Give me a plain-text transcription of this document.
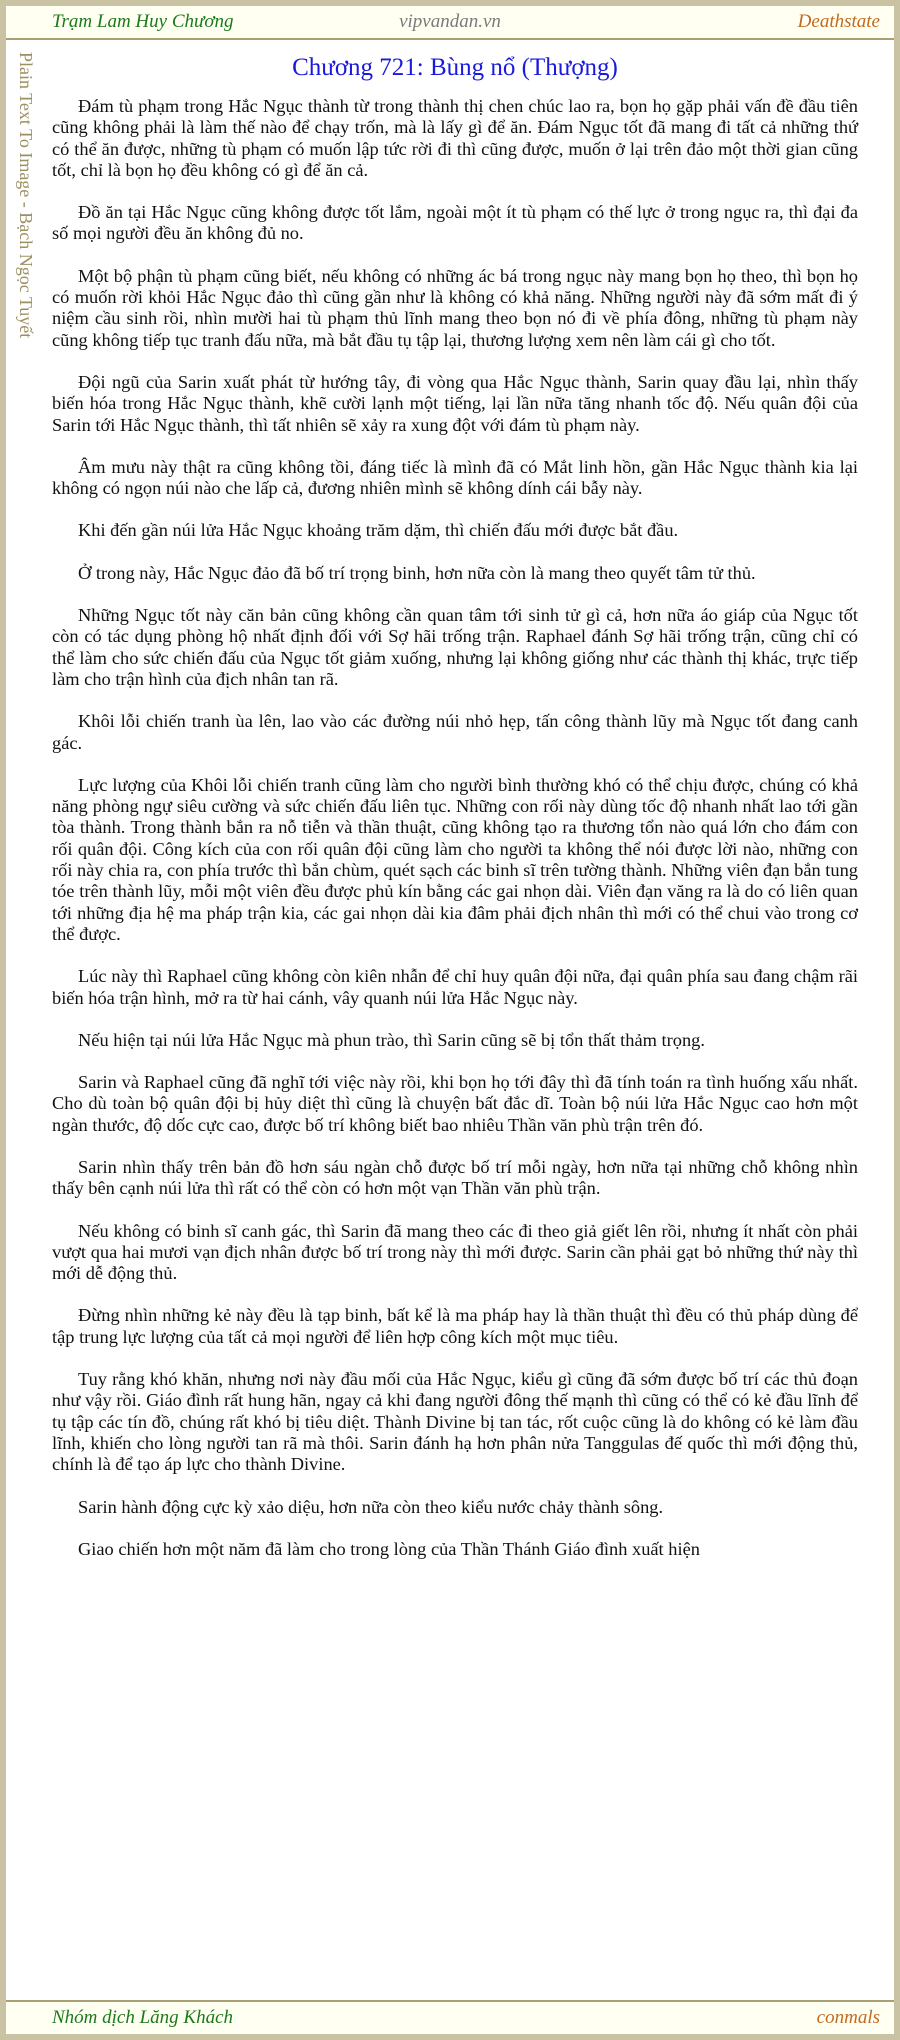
Trạm Lam Huy Chương	vipvandan.vn	Deathstate
Plain Text To Image - Bạch Ngọc Tuyết	Chương 721: Bùng nổ (Thượng)

Đám tù phạm trong Hắc Ngục thành từ trong thành thị chen chúc lao ra, bọn họ gặp phải vấn đề đầu tiên cũng không phải là làm thế nào để chạy trốn, mà là lấy gì để ăn. Đám Ngục tốt đã mang đi tất cả những thứ có thể ăn được, những tù phạm có muốn lập tức rời đi thì cũng được, muốn ở lại trên đảo một thời gian cũng tốt, chỉ là bọn họ đều không có gì để ăn cả.

Đồ ăn tại Hắc Ngục cũng không được tốt lắm, ngoài một ít tù phạm có thế lực ở trong ngục ra, thì đại đa số mọi người đều ăn không đủ no.

Một bộ phận tù phạm cũng biết, nếu không có những ác bá trong ngục này mang bọn họ theo, thì bọn họ có muốn rời khỏi Hắc Ngục đảo thì cũng gần như là không có khả năng. Những người này đã sớm mất đi ý niệm cầu sinh rồi, nhìn mười hai tù phạm thủ lĩnh mang theo bọn nó đi về phía đông, những tù phạm này cũng không tiếp tục tranh đấu nữa, mà bắt đầu tụ tập lại, thương lượng xem nên làm cái gì cho tốt.

Đội ngũ của Sarin xuất phát từ hướng tây, đi vòng qua Hắc Ngục thành, Sarin quay đầu lại, nhìn thấy biến hóa trong Hắc Ngục thành, khẽ cười lạnh một tiếng, lại lần nữa tăng nhanh tốc độ. Nếu quân đội của Sarin tới Hắc Ngục thành, thì tất nhiên sẽ xảy ra xung đột với đám tù phạm này.

Âm mưu này thật ra cũng không tồi, đáng tiếc là mình đã có Mắt linh hồn, gần Hắc Ngục thành kia lại không có ngọn núi nào che lấp cả, đương nhiên mình sẽ không dính cái bẫy này.

Khi đến gần núi lửa Hắc Ngục khoảng trăm dặm, thì chiến đấu mới được bắt đầu.

Ở trong này, Hắc Ngục đảo đã bố trí trọng binh, hơn nữa còn là mang theo quyết tâm tử thủ.

Những Ngục tốt này căn bản cũng không cần quan tâm tới sinh tử gì cả, hơn nữa áo giáp của Ngục tốt còn có tác dụng phòng hộ nhất định đối với Sợ hãi trống trận. Raphael đánh Sợ hãi trống trận, cũng chỉ có thể làm cho sức chiến đấu của Ngục tốt giảm xuống, nhưng lại không giống như các thành thị khác, trực tiếp làm cho trận hình của địch nhân tan rã.

Khôi lỗi chiến tranh ùa lên, lao vào các đường núi nhỏ hẹp, tấn công thành lũy mà Ngục tốt đang canh gác.

Lực lượng của Khôi lỗi chiến tranh cũng làm cho người bình thường khó có thể chịu được, chúng có khả năng phòng ngự siêu cường và sức chiến đấu liên tục. Những con rối này dùng tốc độ nhanh nhất lao tới gần tòa thành. Trong thành bắn ra nỗ tiễn và thần thuật, cũng không tạo ra thương tổn nào quá lớn cho đám con rối quân đội. Công kích của con rối quân đội cũng làm cho người ta không thể nói được lời nào, những con rối này chia ra, con phía trước thì bắn chùm, quét sạch các binh sĩ trên tường thành. Những viên đạn bắn tung tóe trên thành lũy, mỗi một viên đều được phủ kín bằng các gai nhọn dài. Viên đạn văng ra là do có liên quan tới những địa hệ ma pháp trận kia, các gai nhọn dài kia đâm phải địch nhân thì mới có thể chui vào trong cơ thể được.

Lúc này thì Raphael cũng không còn kiên nhẫn để chỉ huy quân đội nữa, đại quân phía sau đang chậm rãi biến hóa trận hình, mở ra từ hai cánh, vây quanh núi lửa Hắc Ngục này.

Nếu hiện tại núi lửa Hắc Ngục mà phun trào, thì Sarin cũng sẽ bị tổn thất thảm trọng.

Sarin và Raphael cũng đã nghĩ tới việc này rồi, khi bọn họ tới đây thì đã tính toán ra tình huống xấu nhất. Cho dù toàn bộ quân đội bị hủy diệt thì cũng là chuyện bất đắc dĩ. Toàn bộ núi lửa Hắc Ngục cao hơn một ngàn thước, độ dốc cực cao, được bố trí không biết bao nhiêu Thần văn phù trận trên đó.

Sarin nhìn thấy trên bản đồ hơn sáu ngàn chỗ được bố trí mỗi ngày, hơn nữa tại những chỗ không nhìn thấy bên cạnh núi lửa thì rất có thể còn có hơn một vạn Thần văn phù trận.

Nếu không có binh sĩ canh gác, thì Sarin đã mang theo các đi theo giả giết lên rồi, nhưng ít nhất còn phải vượt qua hai mươi vạn địch nhân được bố trí trong này thì mới được. Sarin cần phải gạt bỏ những thứ này thì mới dễ động thủ.

Đừng nhìn những kẻ này đều là tạp binh, bất kể là ma pháp hay là thần thuật thì đều có thủ pháp dùng để tập trung lực lượng của tất cả mọi người để liên hợp công kích một mục tiêu.

Tuy rằng khó khăn, nhưng nơi này đầu mối của Hắc Ngục, kiểu gì cũng đã sớm được bố trí các thủ đoạn như vậy rồi. Giáo đình rất hung hãn, ngay cả khi đang người đông thế mạnh thì cũng có thể có kẻ đầu lĩnh để tụ tập các tín đồ, chúng rất khó bị tiêu diệt. Thành Divine bị tan tác, rốt cuộc cũng là do không có kẻ làm đầu lĩnh, khiến cho lòng người tan rã mà thôi. Sarin đánh hạ hơn phân nửa Tanggulas đế quốc thì mới động thủ, chính là để tạo áp lực cho thành Divine.

Sarin hành động cực kỳ xảo diệu, hơn nữa còn theo kiểu nước chảy thành sông.

Giao chiến hơn một năm đã làm cho trong lòng của Thần Thánh Giáo đình xuất hiện

Nhóm dịch Lăng Khách	conmals
